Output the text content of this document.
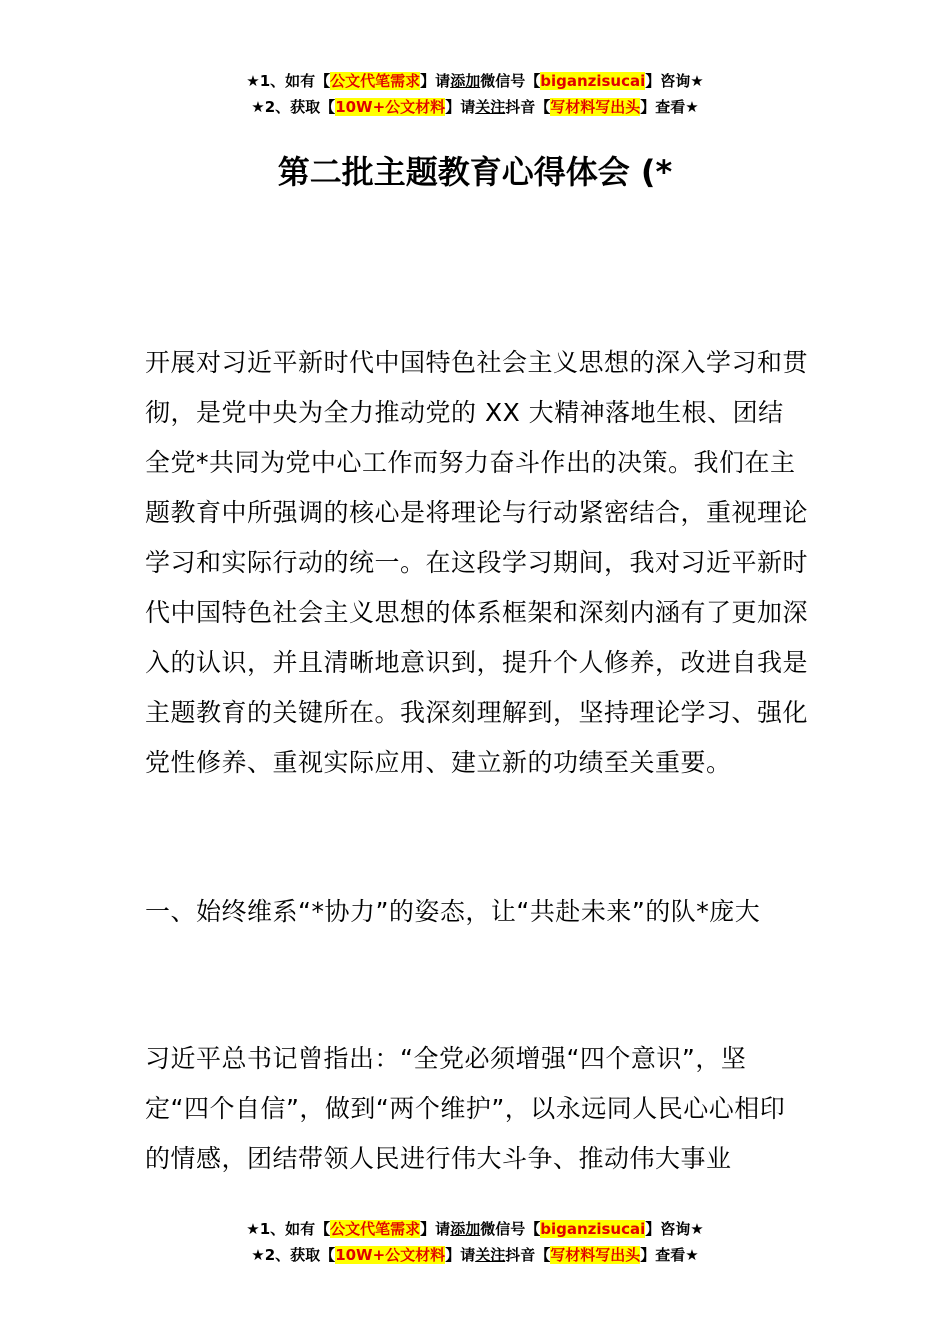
★1、如有【公文代笔需求】请添加微信号【biganzisucai】咨询★
★2、获取【10W+公文材料】请关注抖音【写材料写出头】查看★
第二批主题教育心得体会 (*

开展对习近平新时代中国特色社会主义思想的深入学习和贯彻，是党中央为全力推动党的 XX 大精神落地生根、团结全党*共同为党中心工作而努力奋斗作出的决策。我们在主题教育中所强调的核心是将理论与行动紧密结合，重视理论学习和实际行动的统一。在这段学习期间，我对习近平新时代中国特色社会主义思想的体系框架和深刻内涵有了更加深入的认识，并且清晰地意识到，提升个人修养，改进自我是主题教育的关键所在。我深刻理解到，坚持理论学习、强化党性修养、重视实际应用、建立新的功绩至关重要。

一、始终维系“*协力”的姿态，让“共赴未来”的队*庞大

习近平总书记曾指出：“全党必须增强“四个意识”，坚定“四个自信”，做到“两个维护”，以永远同人民心心相印的情感，团结带领人民进行伟大斗争、推动伟大事业

★1、如有【公文代笔需求】请添加微信号【biganzisucai】咨询★
★2、获取【10W+公文材料】请关注抖音【写材料写出头】查看★
